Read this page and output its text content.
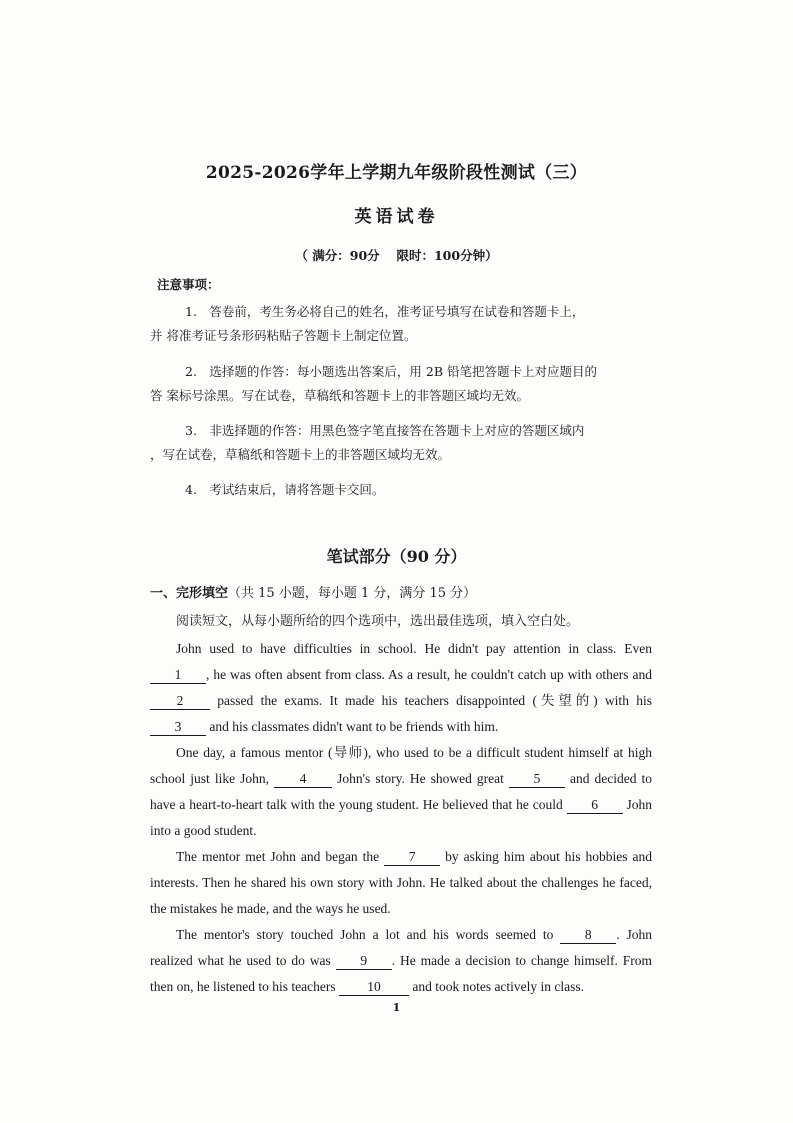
2025-2026学年上学期九年级阶段性测试（三）
英语试卷
（ 满分：90分　 限时：100分钟）
注意事项：
1.　答卷前，考生务必将自己的姓名，准考证号填写在试卷和答题卡上，
并 将准考证号条形码粘贴子答题卡上制定位置。
2.　选择题的作答：每小题选出答案后，用 2B 铅笔把答题卡上对应题目的
答 案标号涂黑。写在试卷，草稿纸和答题卡上的非答题区域均无效。
3.　非选择题的作答：用黑色签字笔直接答在答题卡上对应的答题区域内
，写在试卷，草稿纸和答题卡上的非答题区域均无效。
4.　考试结束后，请将答题卡交回。
笔试部分（90 分）
一、完形填空（共 15 小题，每小题 1 分，满分 15 分）
阅读短文，从每小题所给的四个选项中，选出最佳选项，填入空白处。

John used to have difficulties in school. He didn't pay attention in class. Even 1 , he was often absent from class. As a result, he couldn't catch up with others and 2	passed the exams. It made his teachers disappointed (失望的) with his 3 and his classmates didn't want to be friends with him.

One day, a famous mentor (导师), who used to be a difficult student himself at high school just like John, 4 John's story. He showed great 5 and decided to have a heart-to-heart talk with the young student. He believed that he could 6 John into a good student.

The mentor met John and began the 7 by asking him about his hobbies and interests. Then he shared his own story with John. He talked about the challenges he faced, the mistakes he made, and the ways he used.

The mentor's story touched John a lot and his words seemed to 8 . John realized what he used to do was 9 . He made a decision to change himself. From then on, he listened to his teachers 10 and took notes actively in class.

1
